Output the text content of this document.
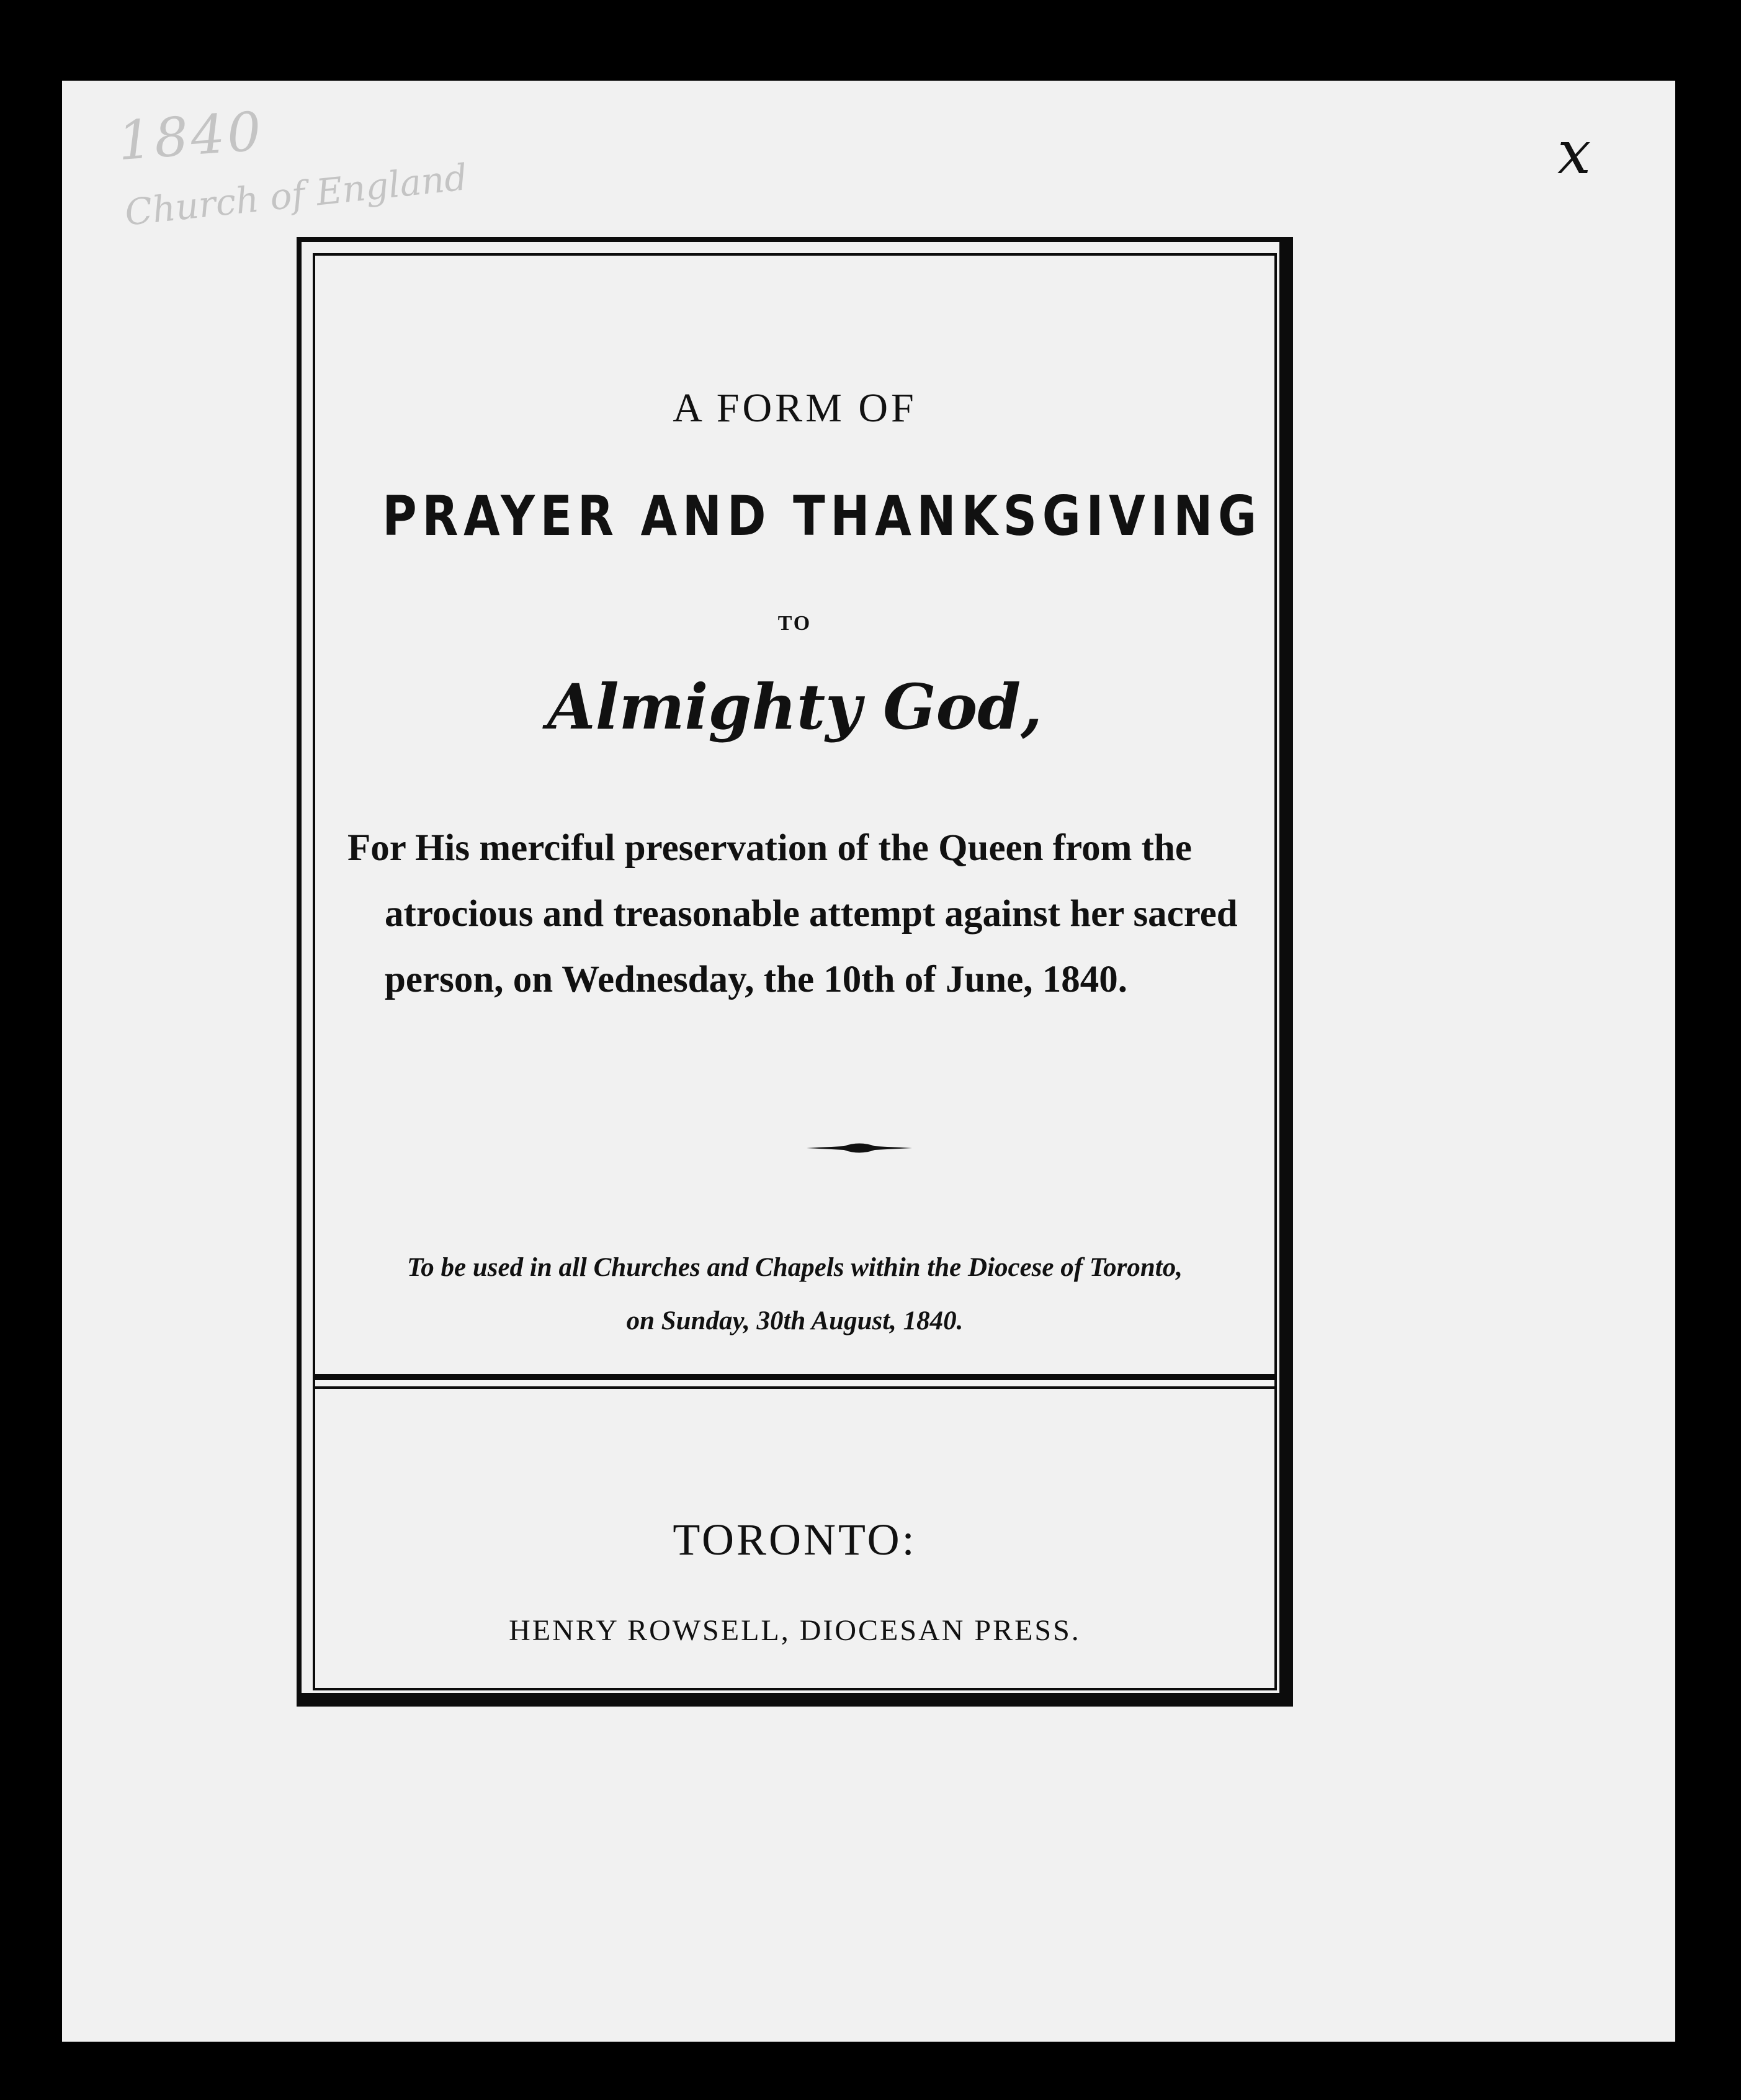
1840
Church of England
x
A FORM OF
PRAYER AND THANKSGIVING
TO
Almighty God,
For His merciful preservation of the Queen from the atrocious and treasonable attempt against her sacred person, on Wednesday, the 10th of June, 1840.
To be used in all Churches and Chapels within the Diocese of Toronto,
on Sunday, 30th August, 1840.
TORONTO:
HENRY ROWSELL, DIOCESAN PRESS.
